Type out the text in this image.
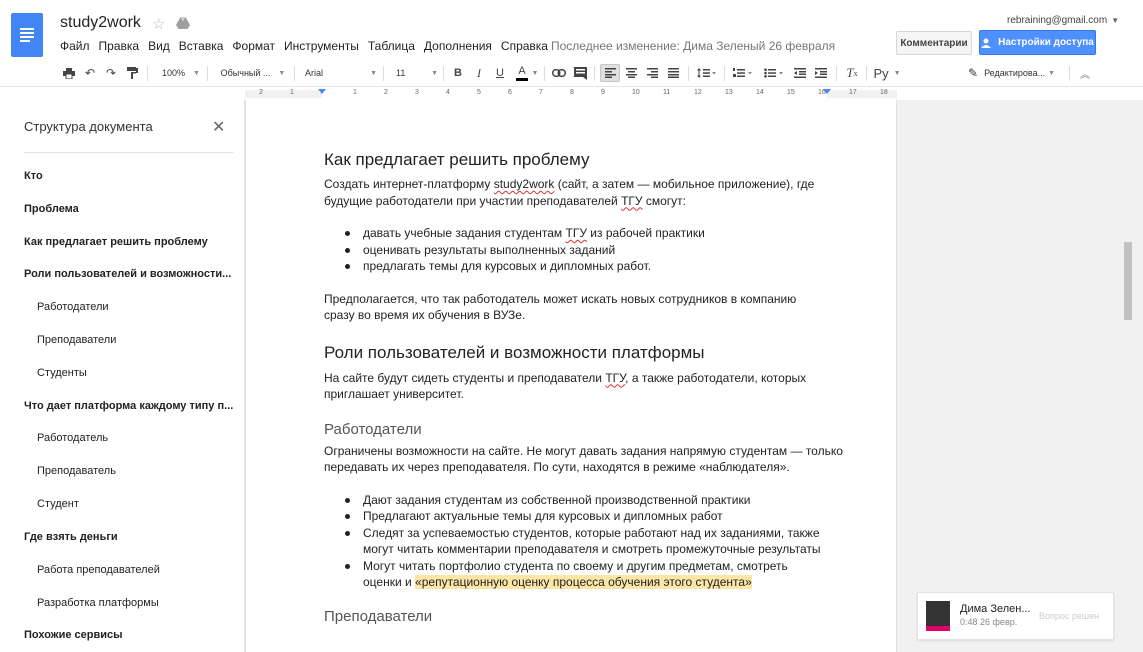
study2work ☆
Файл Правка Вид Вставка Формат Инструменты Таблица Дополнения Справка Последнее изменение: Дима Зеленый 26 февраля
rebraining@gmail.com ▼
Комментарии	Настройки доступа
↶ ↷	100% ▼ Обычный ... ▼ Arial	▼ 11	▼ B	I	U A ▼	T x Ру ▼	✎ Редактирова... ▼	︽
2	1	1	2	3	4	5	6	7	8	9	10	11	12	13	14	15	16	17	18
Структура документа	✕
Кто
Проблема
Как предлагает решить проблему
Роли пользователей и возможности...
Работодатели
Преподаватели
Студенты
Что дает платформа каждому типу п...
Работодатель
Преподаватель
Студент
Где взять деньги
Работа преподавателей
Разработка платформы
Похожие сервисы
Как предлагает решить проблему
Создать интернет-платформу study2work (сайт, а затем — мобильное приложение), где
будущие работодатели при участии преподавателей ТГУ смогут:
давать учебные задания студентам ТГУ из рабочей практики
оценивать результаты выполненных заданий
предлагать темы для курсовых и дипломных работ.
Предполагается, что так работодатель может искать новых сотрудников в компанию
сразу во время их обучения в ВУЗе.
Роли пользователей и возможности платформы
На сайте будут сидеть студенты и преподаватели ТГУ, а также работодатели, которых
приглашает университет.
Работодатели
Ограничены возможности на сайте. Не могут давать задания напрямую студентам — только
передавать их через преподавателя. По сути, находятся в режиме «наблюдателя».
Дают задания студентам из собственной производственной практики
Предлагают актуальные темы для курсовых и дипломных работ
Следят за успеваемостью студентов, которые работают над их заданиями, также
могут читать комментарии преподавателя и смотреть промежуточные результаты
Могут читать портфолио студента по своему и другим предметам, смотреть
оценки и «репутационную оценку процесса обучения этого студента»
Преподаватели	Дима Зелен...
0:48 26 февр.
Вопрос решен
